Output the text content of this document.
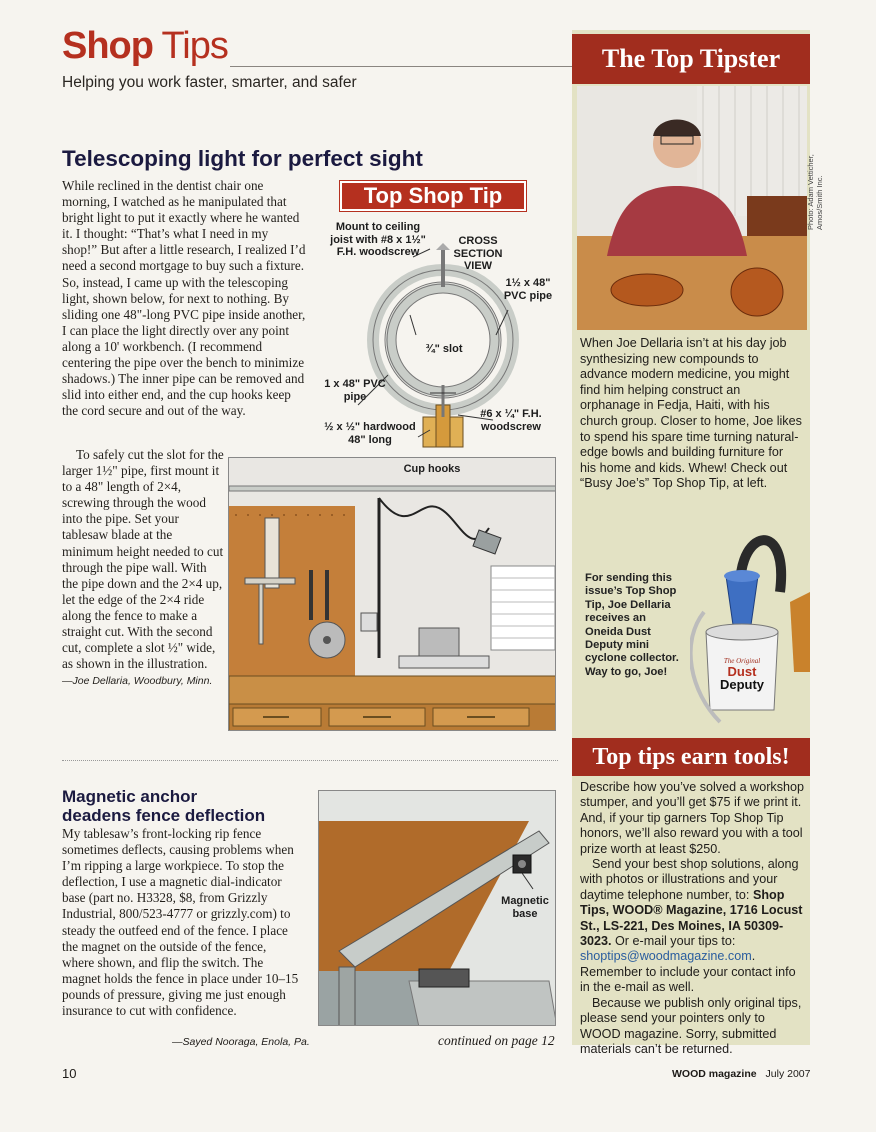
Shop Tips
Helping you work faster, smarter, and safer
Telescoping light for perfect sight

While reclined in the dentist chair one morning, I watched as he manipulated that bright light to put it exactly where he wanted it. I thought: “That’s what I need in my shop!” But after a little research, I realized I’d need a second mortgage to buy such a fixture. So, instead, I came up with the telescoping light, shown below, for next to nothing. By sliding one 48"-long PVC pipe inside another, I can place the light directly over any point along a 10' workbench. (I recommend centering the pipe over the bench to minimize shadows.) The inner pipe can be removed and slid into either end, and the cup hooks keep the cord secure and out of the way.

To safely cut the slot for the larger 1½" pipe, first mount it to a 48" length of 2×4, screwing through the wood into the pipe. Set your tablesaw blade at the minimum height needed to cut through the pipe wall. With the pipe down and the 2×4 up, let the edge of the 2×4 ride along the fence to make a straight cut. With the second cut, complete a slot ½" wide, as shown in the illustration.

—Joe Dellaria, Woodbury, Minn.

Top Shop Tip
Mount to ceiling joist with #8 x 1½" F.H. woodscrew
CROSS SECTION VIEW
1½ x 48" PVC pipe
¾" slot
1 x 48" PVC pipe
#6 x ¼" F.H. woodscrew
½ x ½" hardwood 48" long
Cup hooks
Magnetic anchor
deadens fence deflection

My tablesaw’s front-locking rip fence sometimes deflects, causing problems when I’m ripping a large workpiece. To stop the deflection, I use a magnetic dial-indicator base (part no. H3328, $8, from Grizzly Industrial, 800/523-4777 or grizzly.com) to steady the outfeed end of the fence. I place the magnet on the outside of the fence, where shown, and flip the switch. The magnet holds the fence in place under 10–15 pounds of pressure, giving me just enough insurance to cut with confidence.

—Sayed Nooraga, Enola, Pa.
Magnetic base
continued on page 12
The Top Tipster
Photo: Adam Vetticher, Amos/Smith Inc.
When Joe Dellaria isn’t at his day job synthesizing new compounds to advance modern medicine, you might find him helping construct an orphanage in Fedja, Haiti, with his church group. Closer to home, Joe likes to spend his spare time turning natural-edge bowls and building furniture for his home and kids. Whew! Check out “Busy Joe’s” Top Shop Tip, at left.
For sending this issue’s Top Shop Tip, Joe Dellaria receives an Oneida Dust Deputy mini cyclone collector. Way to go, Joe!
The Original
Dust
Deputy
Top tips earn tools!

Describe how you’ve solved a workshop stumper, and you’ll get $75 if we print it. And, if your tip garners Top Shop Tip honors, we’ll also reward you with a tool prize worth at least $250.

Send your best shop solutions, along with photos or illustrations and your daytime telephone number, to: Shop Tips, WOOD® Magazine, 1716 Locust St., LS-221, Des Moines, IA 50309-3023. Or e-mail your tips to: shoptips@woodmagazine.com. Remember to include your contact info in the e-mail as well.

Because we publish only original tips, please send your pointers only to WOOD magazine. Sorry, submitted materials can’t be returned.

10	WOOD magazine July 2007
